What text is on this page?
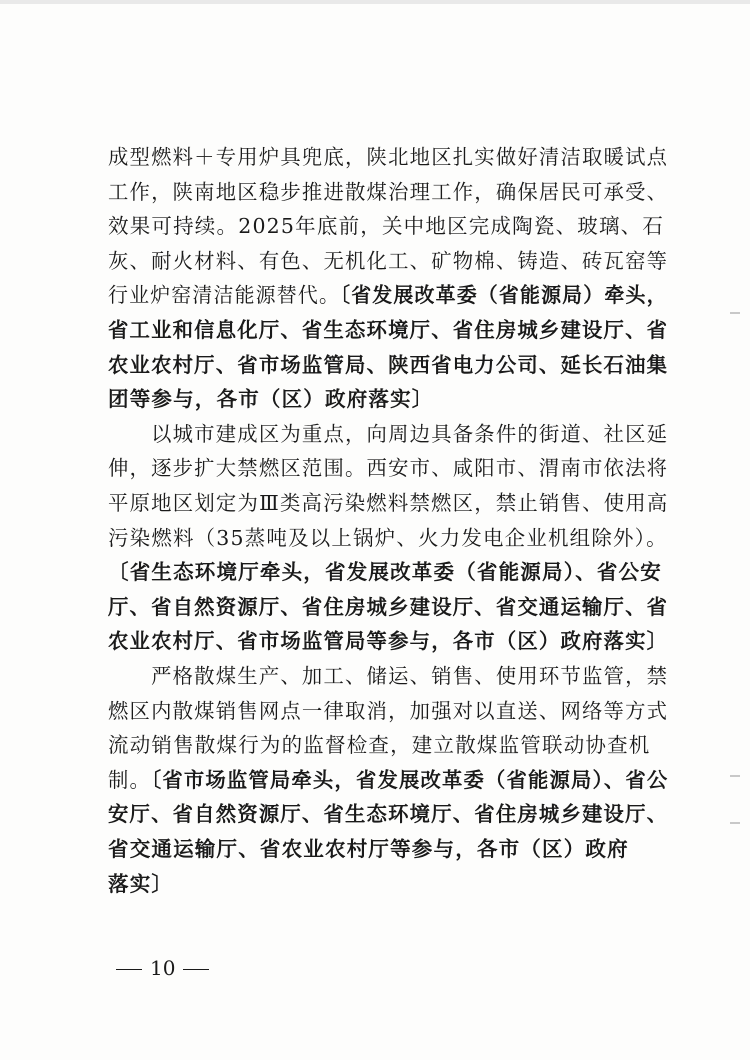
成型燃料＋专用炉具兜底，陕北地区扎实做好清洁取暖试点
工作，陕南地区稳步推进散煤治理工作，确保居民可承受、
效果可持续。2025年底前，关中地区完成陶瓷、玻璃、石
灰、耐火材料、有色、无机化工、矿物棉、铸造、砖瓦窑等
行业炉窑清洁能源替代。〔省发展改革委（省能源局）牵头，
省工业和信息化厅、省生态环境厅、省住房城乡建设厅、省
农业农村厅、省市场监管局、陕西省电力公司、延长石油集
团等参与，各市（区）政府落实〕
　　以城市建成区为重点，向周边具备条件的街道、社区延
伸，逐步扩大禁燃区范围。西安市、咸阳市、渭南市依法将
平原地区划定为Ⅲ类高污染燃料禁燃区，禁止销售、使用高
污染燃料（35蒸吨及以上锅炉、火力发电企业机组除外）。
〔省生态环境厅牵头，省发展改革委（省能源局）、省公安
厅、省自然资源厅、省住房城乡建设厅、省交通运输厅、省
农业农村厅、省市场监管局等参与，各市（区）政府落实〕
　　严格散煤生产、加工、储运、销售、使用环节监管，禁
燃区内散煤销售网点一律取消，加强对以直送、网络等方式
流动销售散煤行为的监督检查，建立散煤监管联动协查机
制。〔省市场监管局牵头，省发展改革委（省能源局）、省公
安厅、省自然资源厅、省生态环境厅、省住房城乡建设厅、
省交通运输厅、省农业农村厅等参与，各市（区）政府
落实〕
10
